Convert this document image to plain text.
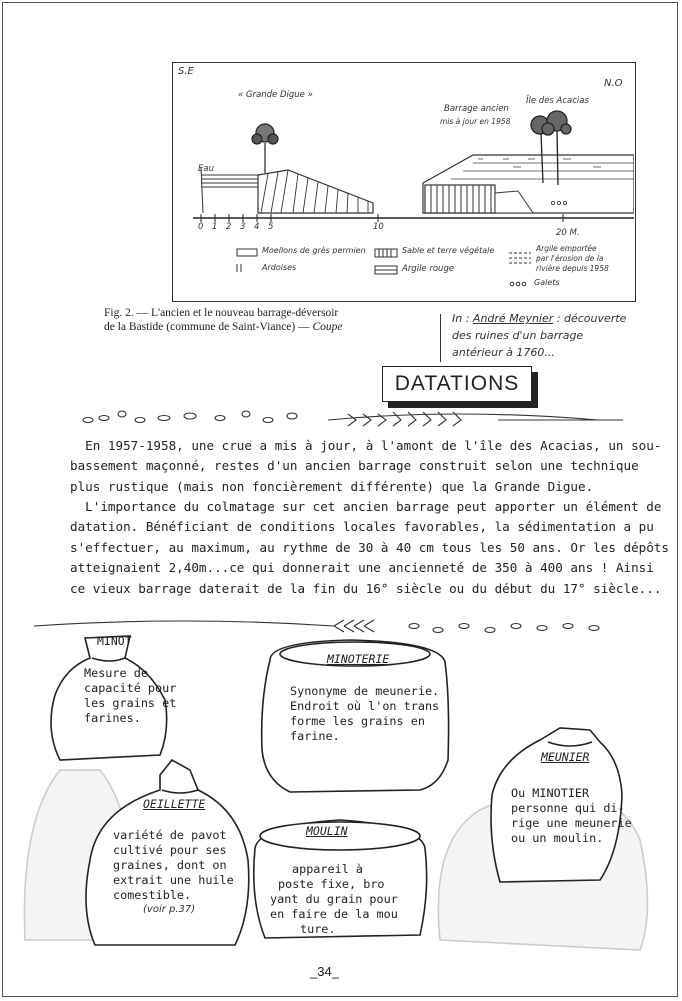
S.E
N.O
« Grande Digue »
Île des Acacias
Barrage ancien
mis à jour en 1958
Eau
0 1 2 3 4 5	10
20 M.
Moellons de grès permien
Ardoises
Sable et terre végétale
Argile rouge
Argile emportée
par l'érosion de la
rivière depuis 1958
Galets
Fig. 2. — L'ancien et le nouveau barrage-déversoir
de la Bastide (commune de Saint-Viance) — Coupe
In : André Meynier : découverte
des ruines d'un barrage
antérieur à 1760...
DATATIONS
En 1957-1958, une crue a mis à jour, à l'amont de l'île des Acacias, un sou-
bassement maçonné, restes d'un ancien barrage construit selon une technique
plus rustique (mais non foncièrement différente) que la Grande Digue.
L'importance du colmatage sur cet ancien barrage peut apporter un élément de
datation. Bénéficiant de conditions locales favorables, la sédimentation a pu
s'effectuer, au maximum, au rythme de 30 à 40 cm tous les 50 ans. Or les dépôts
atteignaient 2,40m...ce qui donnerait une ancienneté de 350 à 400 ans ! Ainsi
ce vieux barrage daterait de la fin du 16° siècle ou du début du 17° siècle...
MINOT
Mesure de
capacité pour
les grains et
farines.
MINOTERIE
Synonyme de meunerie.
Endroit où l'on trans
forme les grains en
farine.
MEUNIER
Ou MINOTIER
personne qui di-
rige une meunerie
ou un moulin.
OEILLETTE
variété de pavot
cultivé pour ses
graines, dont on
extrait une huile
comestible.
(voir p.37)
MOULIN
appareil à
poste fixe, bro
yant du grain pour
en faire de la mou
ture.
_34_
